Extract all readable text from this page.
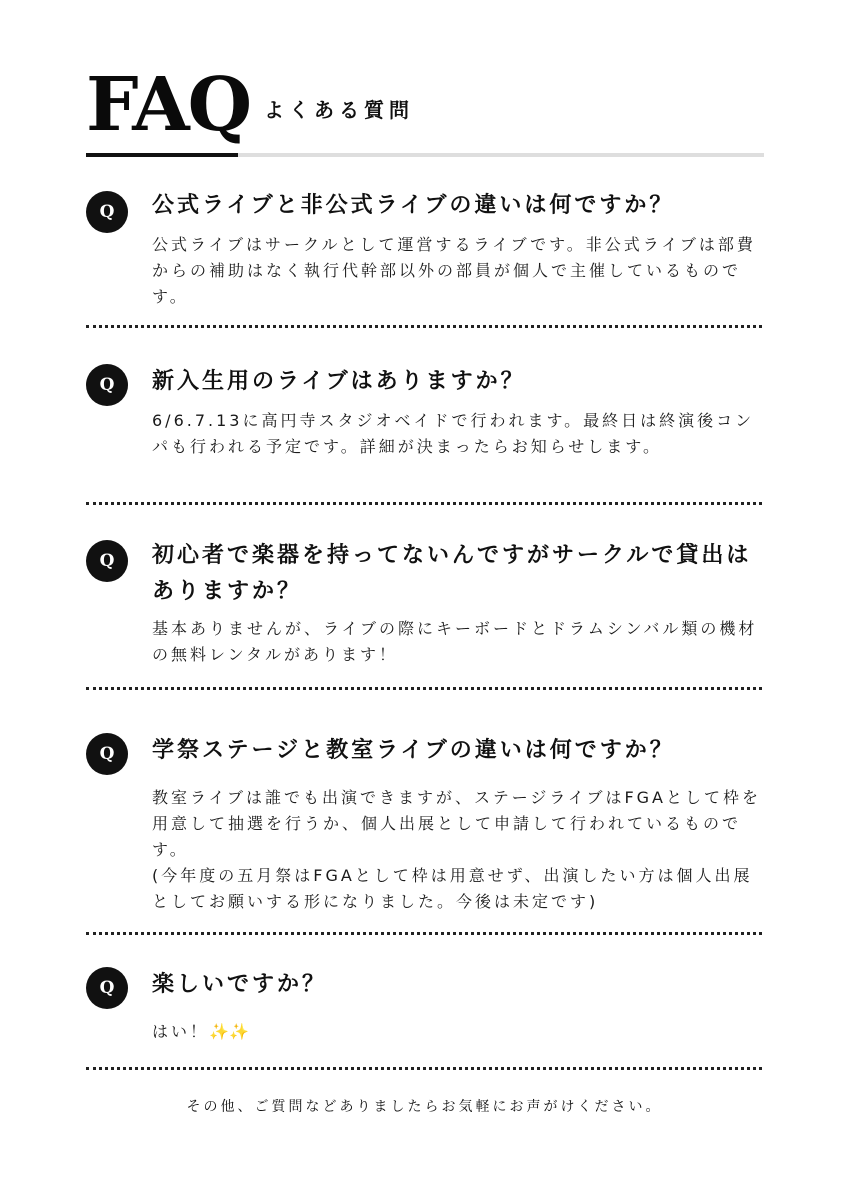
FAQ よくある質問
Q	公式ライブと非公式ライブの違いは何ですか？

公式ライブはサークルとして運営するライブです。非公式ライブは部費からの補助はなく執行代幹部以外の部員が個人で主催しているものです。

Q	新入生用のライブはありますか？

6/6.7.13に高円寺スタジオベイドで行われます。最終日は終演後コンパも行われる予定です。詳細が決まったらお知らせします。

Q	初心者で楽器を持ってないんですがサークルで貸出はありますか？

基本ありませんが、ライブの際にキーボードとドラムシンバル類の機材の無料レンタルがあります！

Q	学祭ステージと教室ライブの違いは何ですか？

教室ライブは誰でも出演できますが、ステージライブはFGAとして枠を用意して抽選を行うか、個人出展として申請して行われているものです。

(今年度の五月祭はFGAとして枠は用意せず、出演したい方は個人出展としてお願いする形になりました。今後は未定です)

Q	楽しいですか？

はい！✨✨

その他、ご質問などありましたらお気軽にお声がけください。
